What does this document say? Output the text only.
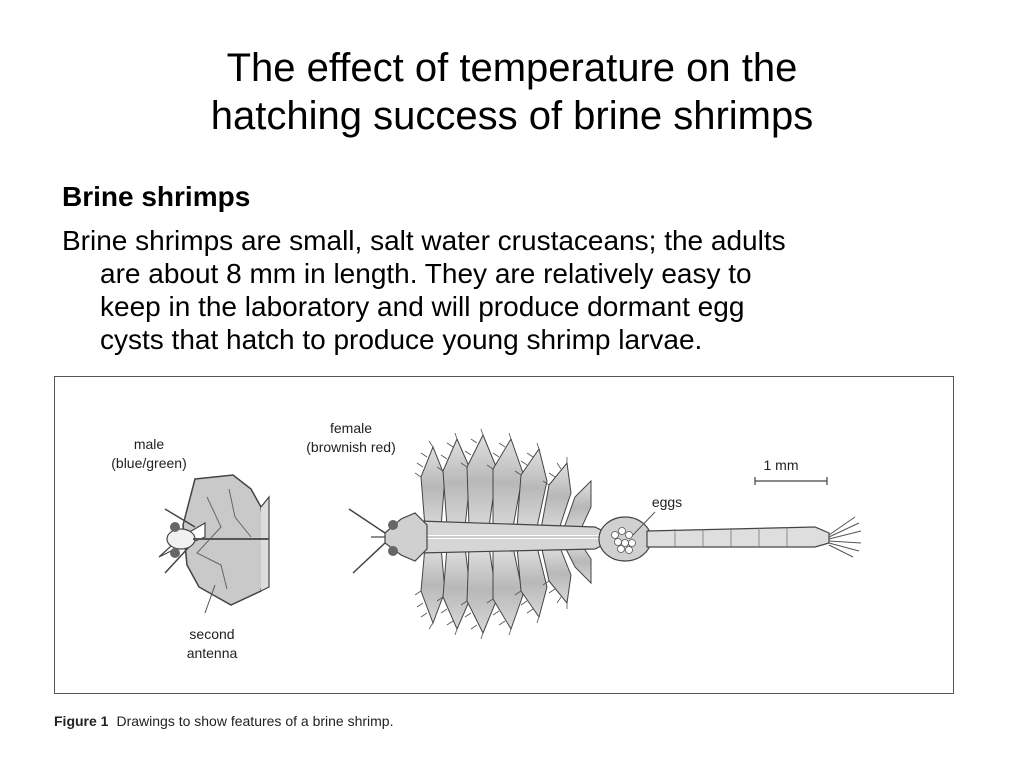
The effect of temperature on the
hatching success of brine shrimps
Brine shrimps
Brine shrimps are small, salt water crustaceans; the adults
are about 8 mm in length. They are relatively easy to
keep in the laboratory and will produce dormant egg
cysts that hatch to produce young shrimp larvae.
male
(blue/green)
second
antenna
female
(brownish red)
eggs
1 mm
Figure 1 Drawings to show features of a brine shrimp.
